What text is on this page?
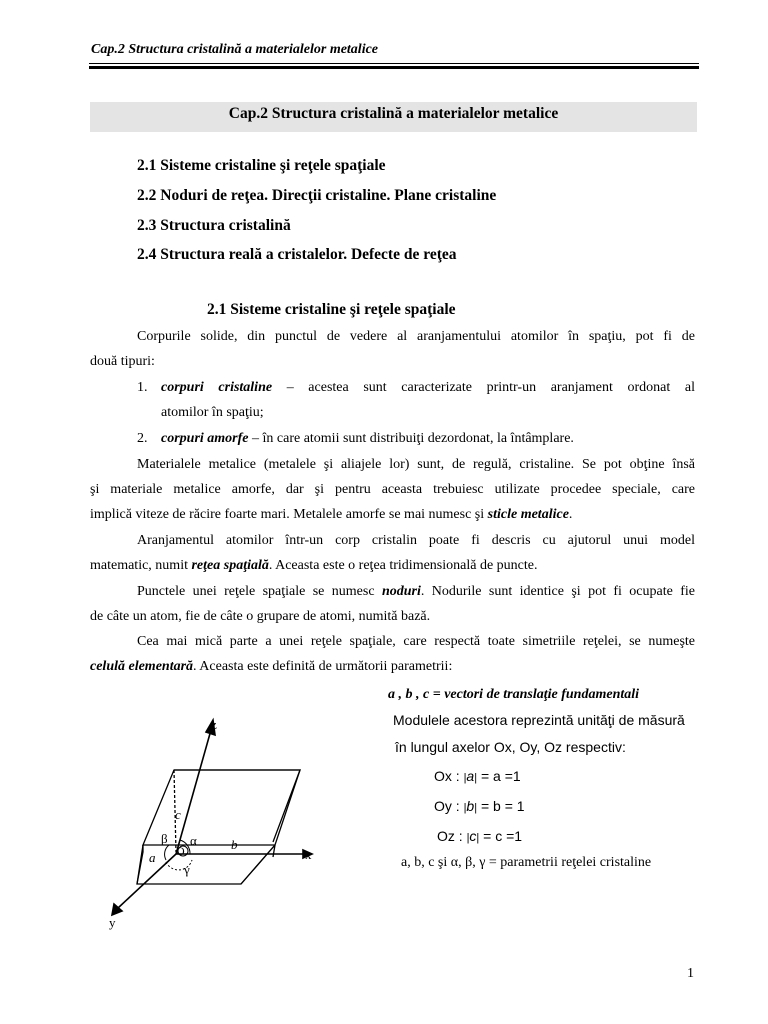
Cap.2 Structura cristalină a materialelor metalice
Cap.2 Structura cristalină a materialelor metalice
2.1 Sisteme cristaline şi reţele spaţiale
2.2 Noduri de reţea. Direcţii cristaline. Plane cristaline
2.3 Structura cristalină
2.4 Structura reală a cristalelor. Defecte de reţea
2.1 Sisteme cristaline şi reţele spaţiale
Corpurile solide, din punctul de vedere al aranjamentului atomilor în spaţiu, pot fi de
două tipuri:
1. corpuri cristaline – acestea sunt caracterizate printr-un aranjament ordonat al
atomilor în spaţiu;
2. corpuri amorfe – în care atomii sunt distribuiţi dezordonat, la întâmplare.
Materialele metalice (metalele şi aliajele lor) sunt, de regulă, cristaline. Se pot obţine însă
şi materiale metalice amorfe, dar şi pentru aceasta trebuiesc utilizate procedee speciale, care
implică viteze de răcire foarte mari. Metalele amorfe se mai numesc şi sticle metalice.
Aranjamentul atomilor într-un corp cristalin poate fi descris cu ajutorul unui model
matematic, numit reţea spaţială. Aceasta este o reţea tridimensională de puncte.
Punctele unei reţele spaţiale se numesc noduri. Nodurile sunt identice şi pot fi ocupate fie
de câte un atom, fie de câte o grupare de atomi, numită bază.
Cea mai mică parte a unei reţele spaţiale, care respectă toate simetriile reţelei, se numeşte
celulă elementară. Aceasta este definită de următorii parametrii:
a , b , c = vectori de translaţie fundamentali
Modulele acestora reprezintă unităţi de măsură
în lungul axelor Ox, Oy, Oz respectiv:
Ox : |a| = a =1
Oy : |b| = b = 1
Oz : |c| = c =1
a, b, c şi α, β, γ = parametrii reţelei cristaline
z
x
y
c
b
a
α
β
γ
O
1
